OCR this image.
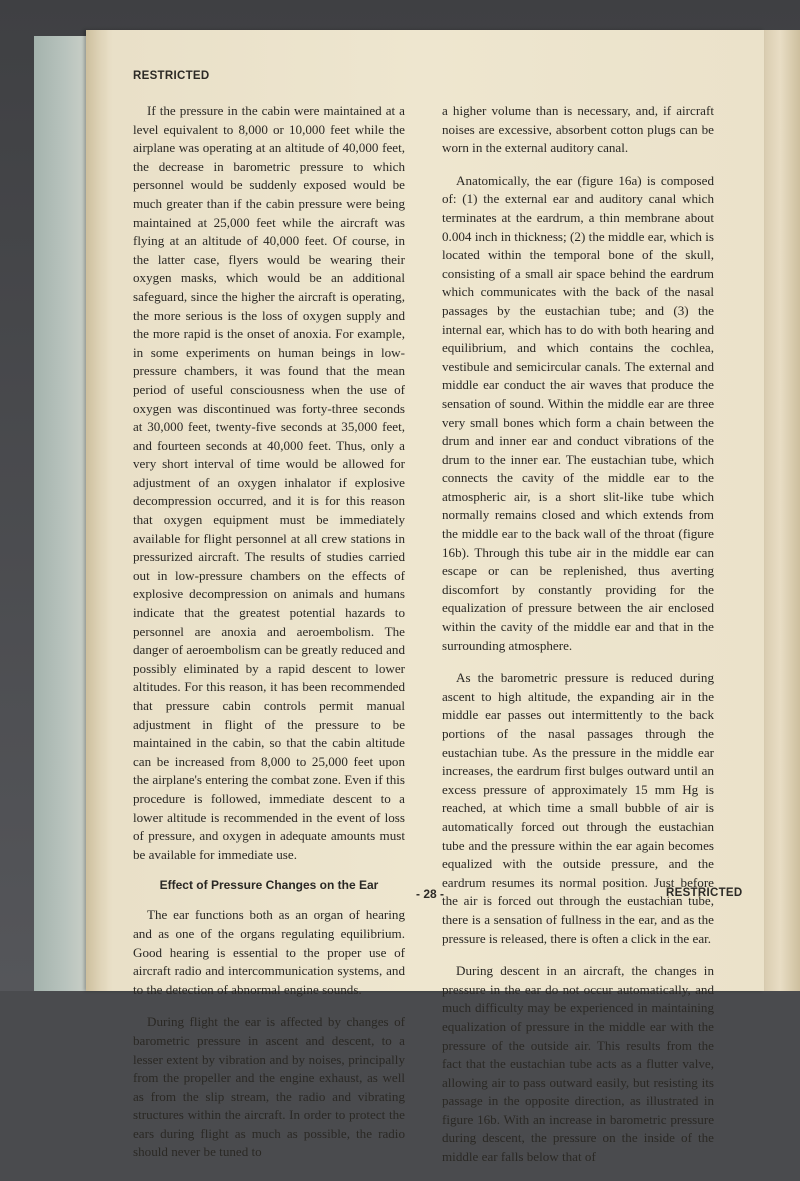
RESTRICTED

If the pressure in the cabin were maintained at a level equivalent to 8,000 or 10,000 feet while the airplane was operating at an altitude of 40,000 feet, the decrease in barometric pressure to which personnel would be suddenly exposed would be much greater than if the cabin pressure were being maintained at 25,000 feet while the aircraft was flying at an altitude of 40,000 feet. Of course, in the latter case, flyers would be wearing their oxygen masks, which would be an additional safeguard, since the higher the aircraft is operating, the more serious is the loss of oxygen supply and the more rapid is the onset of anoxia. For example, in some experiments on human beings in low-pressure chambers, it was found that the mean period of useful consciousness when the use of oxygen was discontinued was forty-three seconds at 30,000 feet, twenty-five seconds at 35,000 feet, and fourteen seconds at 40,000 feet. Thus, only a very short interval of time would be allowed for adjustment of an oxygen inhalator if explosive decompression occurred, and it is for this reason that oxygen equipment must be immediately available for flight personnel at all crew stations in pressurized aircraft. The results of studies carried out in low-pressure chambers on the effects of explosive decompression on animals and humans indicate that the greatest potential hazards to personnel are anoxia and aeroembolism. The danger of aeroembolism can be greatly reduced and possibly eliminated by a rapid descent to lower altitudes. For this reason, it has been recommended that pressure cabin controls permit manual adjustment in flight of the pressure to be maintained in the cabin, so that the cabin altitude can be increased from 8,000 to 25,000 feet upon the airplane's entering the combat zone. Even if this procedure is followed, immediate descent to a lower altitude is recommended in the event of loss of pressure, and oxygen in adequate amounts must be available for immediate use.

Effect of Pressure Changes on the Ear

The ear functions both as an organ of hearing and as one of the organs regulating equilibrium. Good hearing is essential to the proper use of aircraft radio and intercommunication systems, and to the detection of abnormal engine sounds.

During flight the ear is affected by changes of barometric pressure in ascent and descent, to a lesser extent by vibration and by noises, principally from the propeller and the engine exhaust, as well as from the slip stream, the radio and vibrating structures within the aircraft. In order to protect the ears during flight as much as possible, the radio should never be tuned to

a higher volume than is necessary, and, if aircraft noises are excessive, absorbent cotton plugs can be worn in the external auditory canal.

Anatomically, the ear (figure 16a) is composed of: (1) the external ear and auditory canal which terminates at the eardrum, a thin membrane about 0.004 inch in thickness; (2) the middle ear, which is located within the temporal bone of the skull, consisting of a small air space behind the eardrum which communicates with the back of the nasal passages by the eustachian tube; and (3) the internal ear, which has to do with both hearing and equilibrium, and which contains the cochlea, vestibule and semicircular canals. The external and middle ear conduct the air waves that produce the sensation of sound. Within the middle ear are three very small bones which form a chain between the drum and inner ear and conduct vibrations of the drum to the inner ear. The eustachian tube, which connects the cavity of the middle ear to the atmospheric air, is a short slit-like tube which normally remains closed and which extends from the middle ear to the back wall of the throat (figure 16b). Through this tube air in the middle ear can escape or can be replenished, thus averting discomfort by constantly providing for the equalization of pressure between the air enclosed within the cavity of the middle ear and that in the surrounding atmosphere.

As the barometric pressure is reduced during ascent to high altitude, the expanding air in the middle ear passes out intermittently to the back portions of the nasal passages through the eustachian tube. As the pressure in the middle ear increases, the eardrum first bulges outward until an excess pressure of approximately 15 mm Hg is reached, at which time a small bubble of air is automatically forced out through the eustachian tube and the pressure within the ear again becomes equalized with the outside pressure, and the eardrum resumes its normal position. Just before the air is forced out through the eustachian tube, there is a sensation of fullness in the ear, and as the pressure is released, there is often a click in the ear.

During descent in an aircraft, the changes in pressure in the ear do not occur automatically, and much difficulty may be experienced in maintaining equalization of pressure in the middle ear with the pressure of the outside air. This results from the fact that the eustachian tube acts as a flutter valve, allowing air to pass outward easily, but resisting its passage in the opposite direction, as illustrated in figure 16b. With an increase in barometric pressure during descent, the pressure on the inside of the middle ear falls below that of

- 28 -	RESTRICTED
